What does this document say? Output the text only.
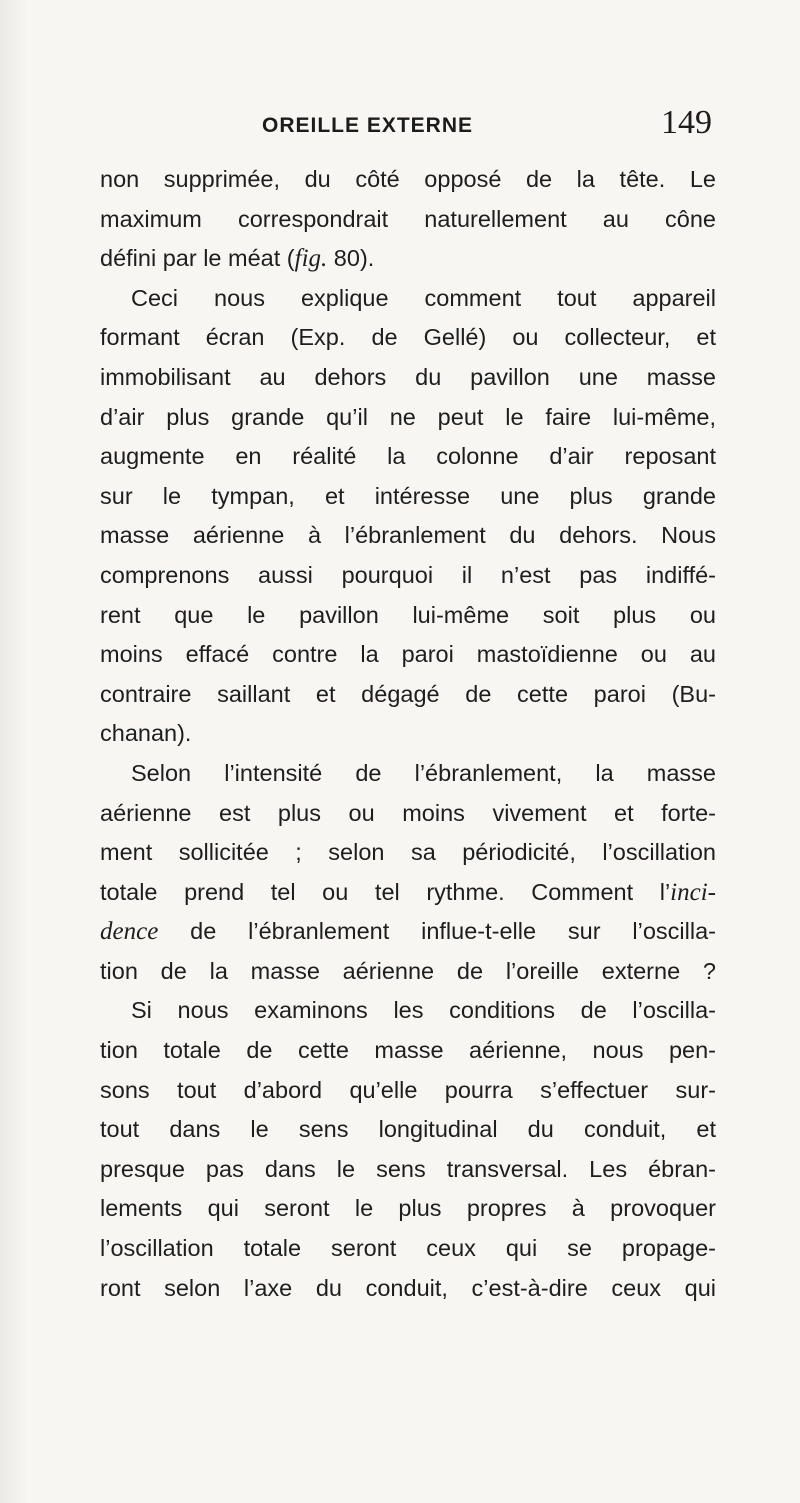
OREILLE EXTERNE	149
non supprimée, du côté opposé de la tête. Le
maximum correspondrait naturellement au cône
défini par le méat (fig. 80).
Ceci nous explique comment tout appareil
formant écran (Exp. de Gellé) ou collecteur, et
immobilisant au dehors du pavillon une masse
d’air plus grande qu’il ne peut le faire lui-même,
augmente en réalité la colonne d’air reposant
sur le tympan, et intéresse une plus grande
masse aérienne à l’ébranlement du dehors. Nous
comprenons aussi pourquoi il n’est pas indiffé-
rent que le pavillon lui-même soit plus ou
moins effacé contre la paroi mastoïdienne ou au
contraire saillant et dégagé de cette paroi (Bu-
chanan).
Selon l’intensité de l’ébranlement, la masse
aérienne est plus ou moins vivement et forte-
ment sollicitée ; selon sa périodicité, l’oscillation
totale prend tel ou tel rythme. Comment l’inci-
dence de l’ébranlement influe-t-elle sur l’oscilla-
tion de la masse aérienne de l’oreille externe ?
Si nous examinons les conditions de l’oscilla-
tion totale de cette masse aérienne, nous pen-
sons tout d’abord qu’elle pourra s’effectuer sur-
tout dans le sens longitudinal du conduit, et
presque pas dans le sens transversal. Les ébran-
lements qui seront le plus propres à provoquer
l’oscillation totale seront ceux qui se propage-
ront selon l’axe du conduit, c’est-à-dire ceux qui
